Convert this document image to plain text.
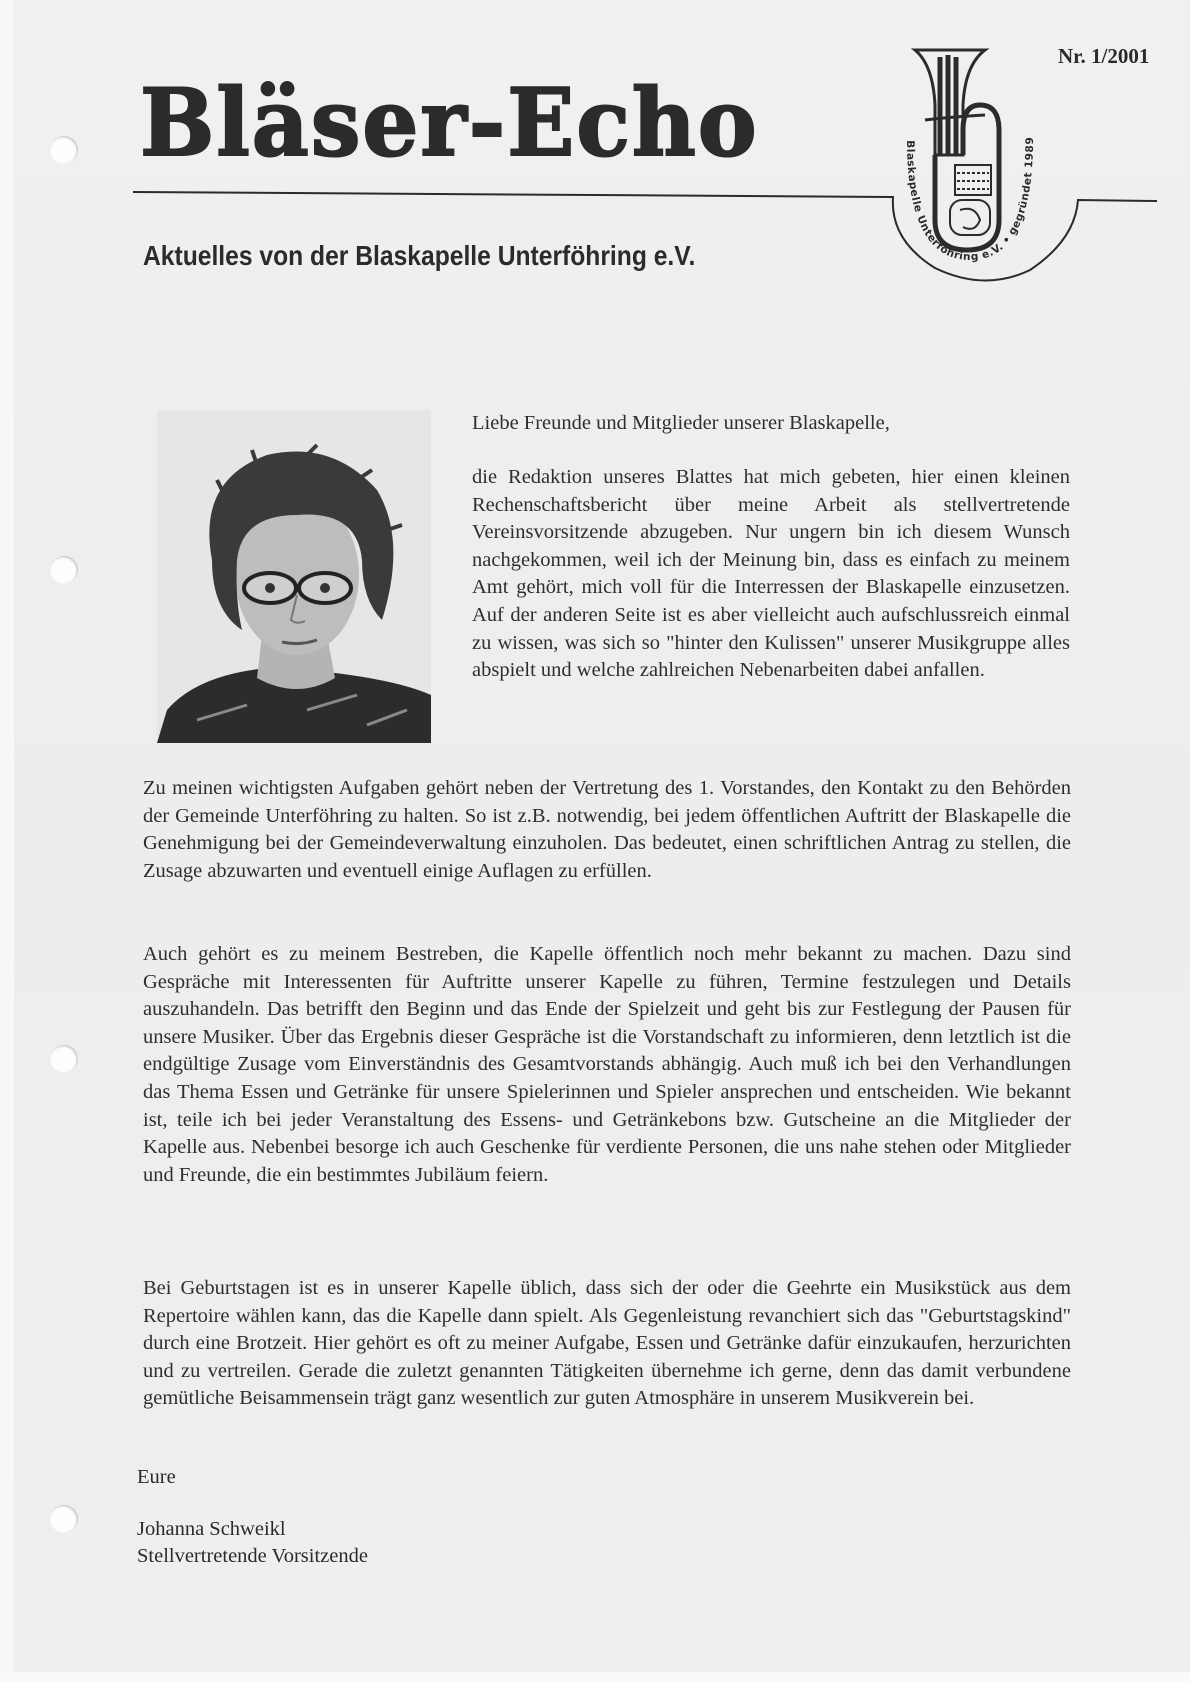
Bläser-Echo
Nr. 1/2001
Aktuelles von der Blaskapelle Unterföhring e.V.
Blaskapelle Unterföhring e.V. • gegründet 1989
Liebe Freunde und Mitglieder unserer Blaskapelle,
die Redaktion unseres Blattes hat mich gebeten, hier einen kleinen Rechenschaftsbericht über meine Arbeit als stellvertretende Vereinsvorsitzende abzugeben. Nur ungern bin ich diesem Wunsch nachgekommen, weil ich der Meinung bin, dass es einfach zu meinem Amt gehört, mich voll für die Interressen der Blaskapelle einzusetzen. Auf der anderen Seite ist es aber vielleicht auch aufschlussreich einmal zu wissen, was sich so "hinter den Kulissen" unserer Musikgruppe alles abspielt und welche zahlreichen Nebenarbeiten dabei anfallen.
Zu meinen wichtigsten Aufgaben gehört neben der Vertretung des 1. Vorstandes, den Kontakt zu den Behörden der Gemeinde Unterföhring zu halten. So ist z.B. notwendig, bei jedem öffentlichen Auftritt der Blaskapelle die Genehmigung bei der Gemeindeverwaltung einzuholen. Das bedeutet, einen schriftlichen Antrag zu stellen, die Zusage abzuwarten und eventuell einige Auflagen zu erfüllen.
Auch gehört es zu meinem Bestreben, die Kapelle öffentlich noch mehr bekannt zu machen. Dazu sind Gespräche mit Interessenten für Auftritte unserer Kapelle zu führen, Termine festzulegen und Details auszuhandeln. Das betrifft den Beginn und das Ende der Spielzeit und geht bis zur Festlegung der Pausen für unsere Musiker. Über das Ergebnis dieser Gespräche ist die Vorstandschaft zu informieren, denn letztlich ist die endgültige Zusage vom Einverständnis des Gesamtvorstands abhängig. Auch muß ich bei den Verhandlungen das Thema Essen und Getränke für unsere Spielerinnen und Spieler ansprechen und entscheiden. Wie bekannt ist, teile ich bei jeder Veranstaltung des Essens- und Getränkebons bzw. Gutscheine an die Mitglieder der Kapelle aus. Nebenbei besorge ich auch Geschenke für verdiente Personen, die uns nahe stehen oder Mitglieder und Freunde, die ein bestimmtes Jubiläum feiern.
Bei Geburtstagen ist es in unserer Kapelle üblich, dass sich der oder die Geehrte ein Musikstück aus dem Repertoire wählen kann, das die Kapelle dann spielt. Als Gegenleistung revanchiert sich das "Geburtstagskind" durch eine Brotzeit. Hier gehört es oft zu meiner Aufgabe, Essen und Getränke dafür einzukaufen, herzurichten und zu vertreilen. Gerade die zuletzt genannten Tätigkeiten übernehme ich gerne, denn das damit verbundene gemütliche Beisammensein trägt ganz wesentlich zur guten Atmosphäre in unserem Musikverein bei.
Eure
Johanna Schweikl
Stellvertretende Vorsitzende
